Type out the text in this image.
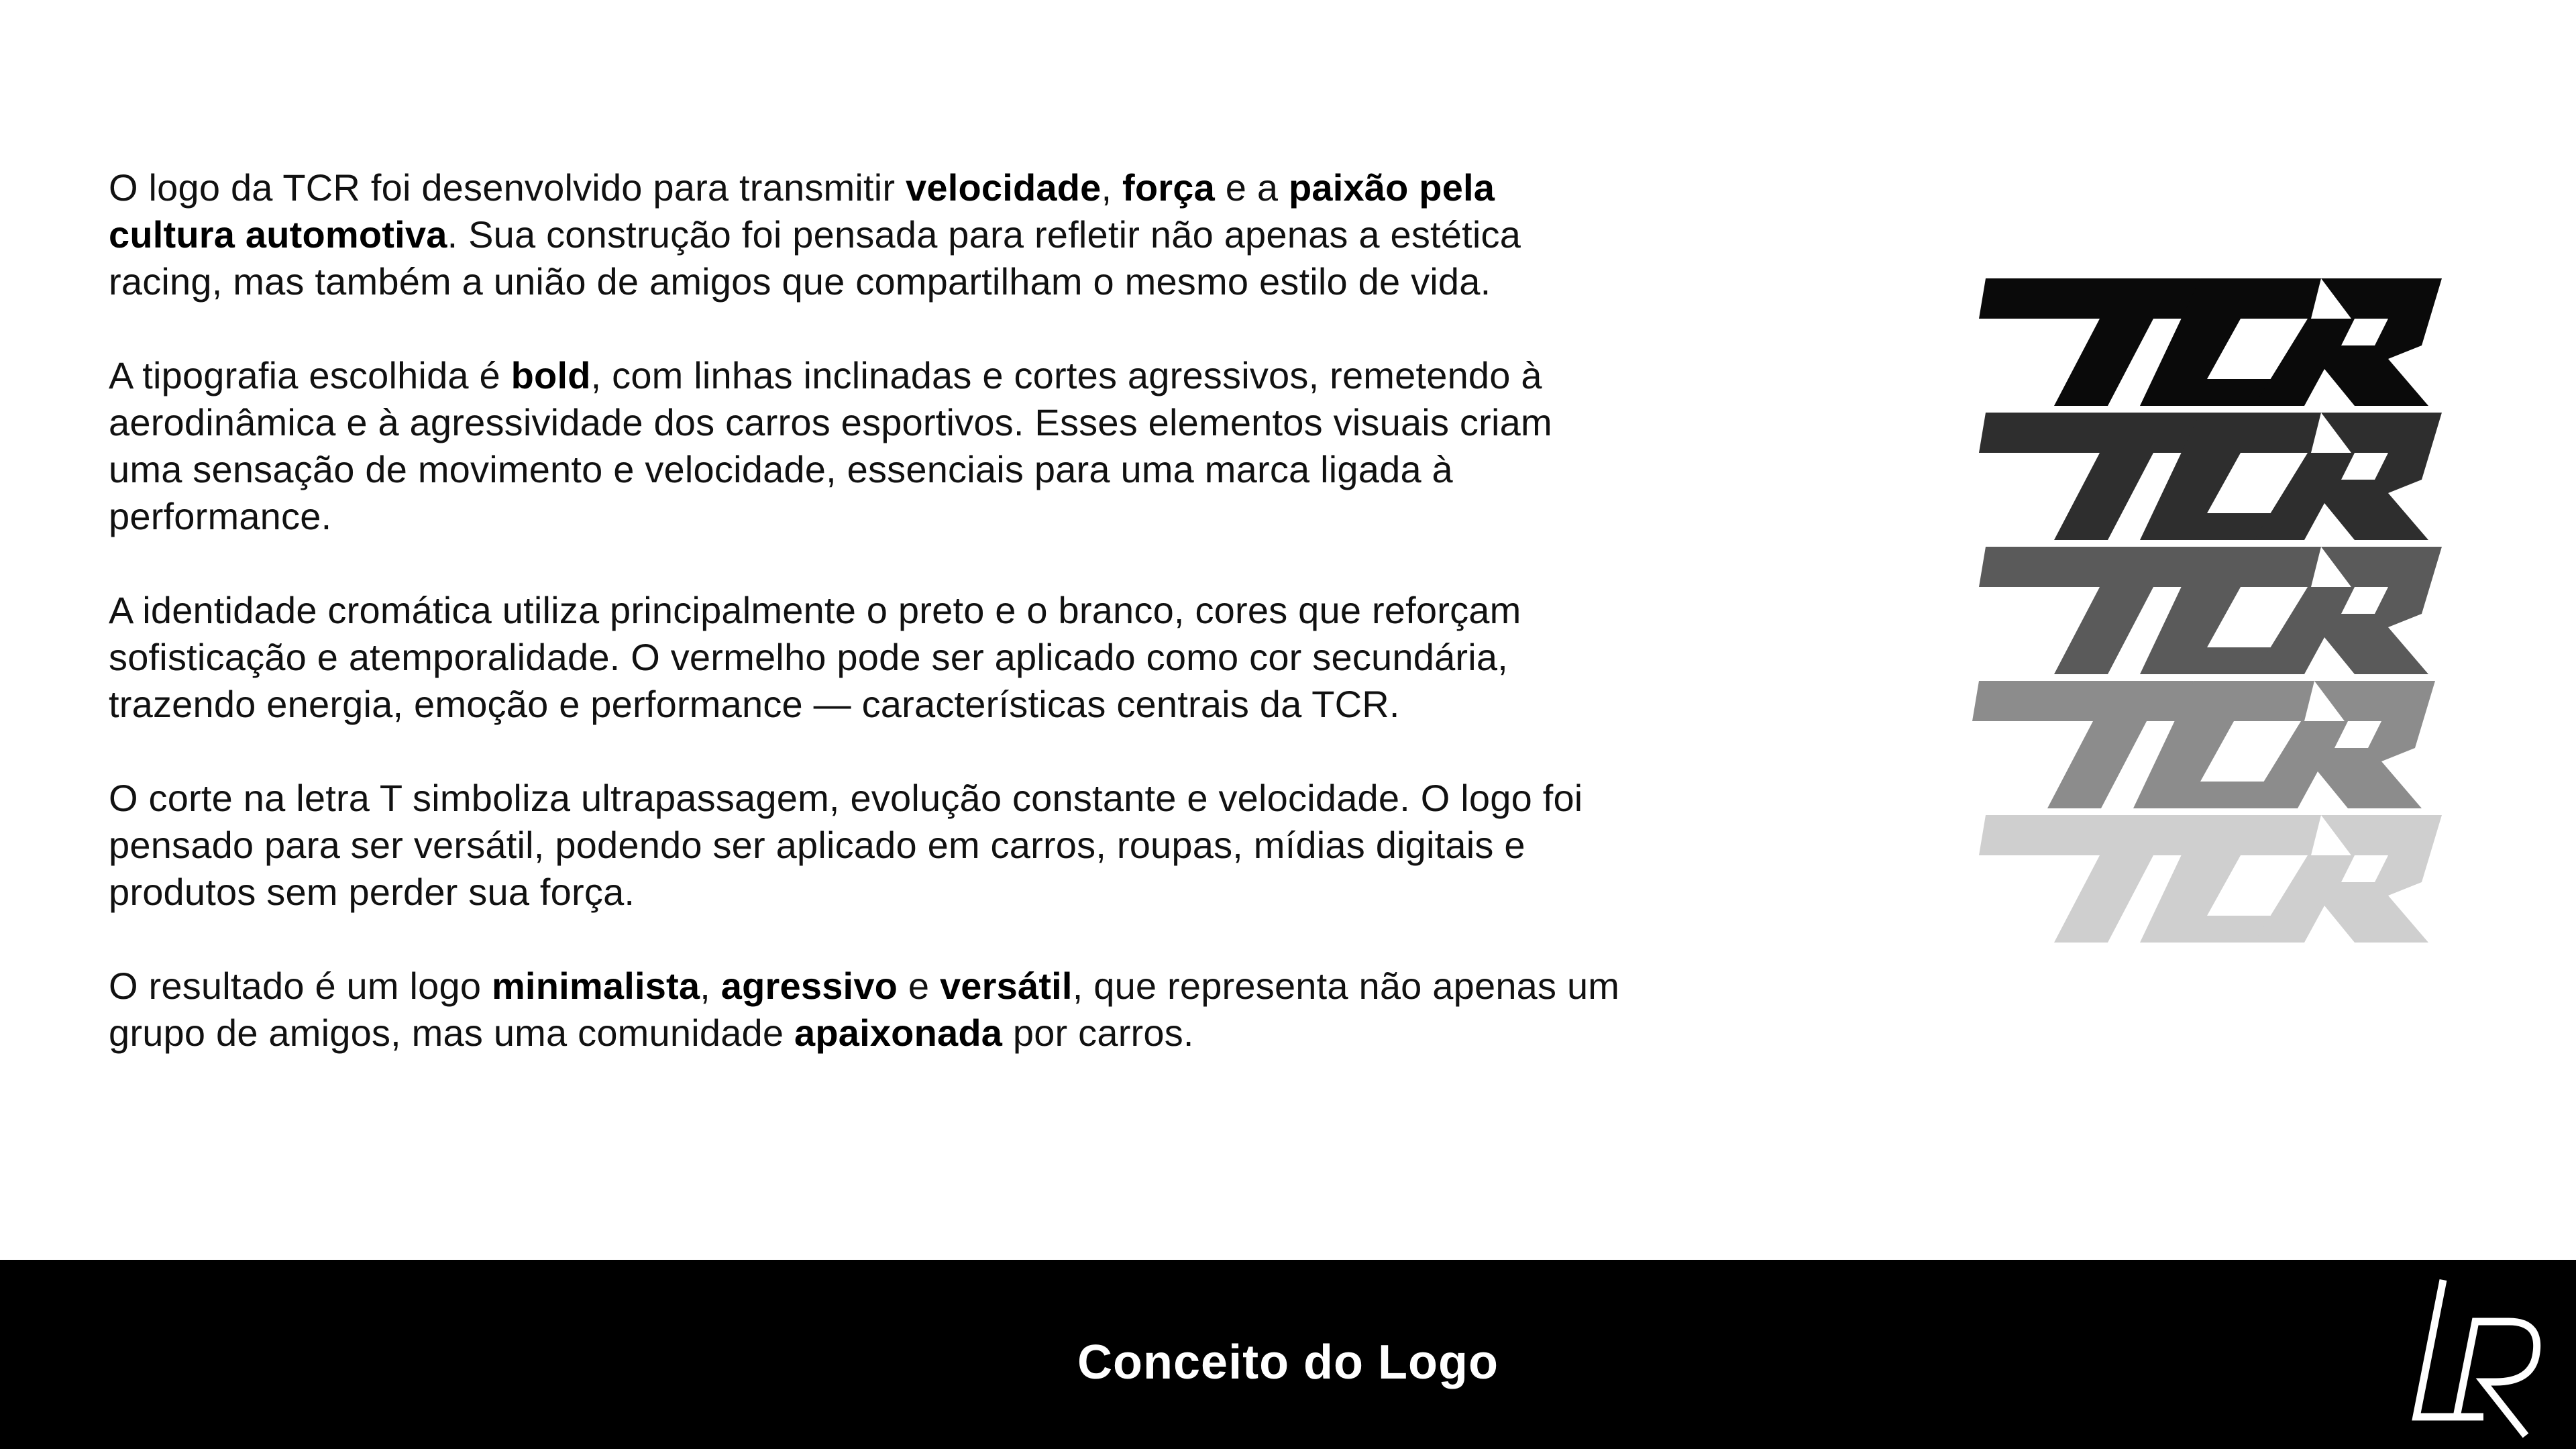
O logo da TCR foi desenvolvido para transmitir velocidade, força e a paixão pela
cultura automotiva. Sua construção foi pensada para refletir não apenas a estética
racing, mas também a união de amigos que compartilham o mesmo estilo de vida.

A tipografia escolhida é bold, com linhas inclinadas e cortes agressivos, remetendo à
aerodinâmica e à agressividade dos carros esportivos. Esses elementos visuais criam
uma sensação de movimento e velocidade, essenciais para uma marca ligada à
performance.

A identidade cromática utiliza principalmente o preto e o branco, cores que reforçam
sofisticação e atemporalidade. O vermelho pode ser aplicado como cor secundária,
trazendo energia, emoção e performance — características centrais da TCR.

O corte na letra T simboliza ultrapassagem, evolução constante e velocidade. O logo foi
pensado para ser versátil, podendo ser aplicado em carros, roupas, mídias digitais e
produtos sem perder sua força.

O resultado é um logo minimalista, agressivo e versátil, que representa não apenas um
grupo de amigos, mas uma comunidade apaixonada por carros.

Conceito do Logo
